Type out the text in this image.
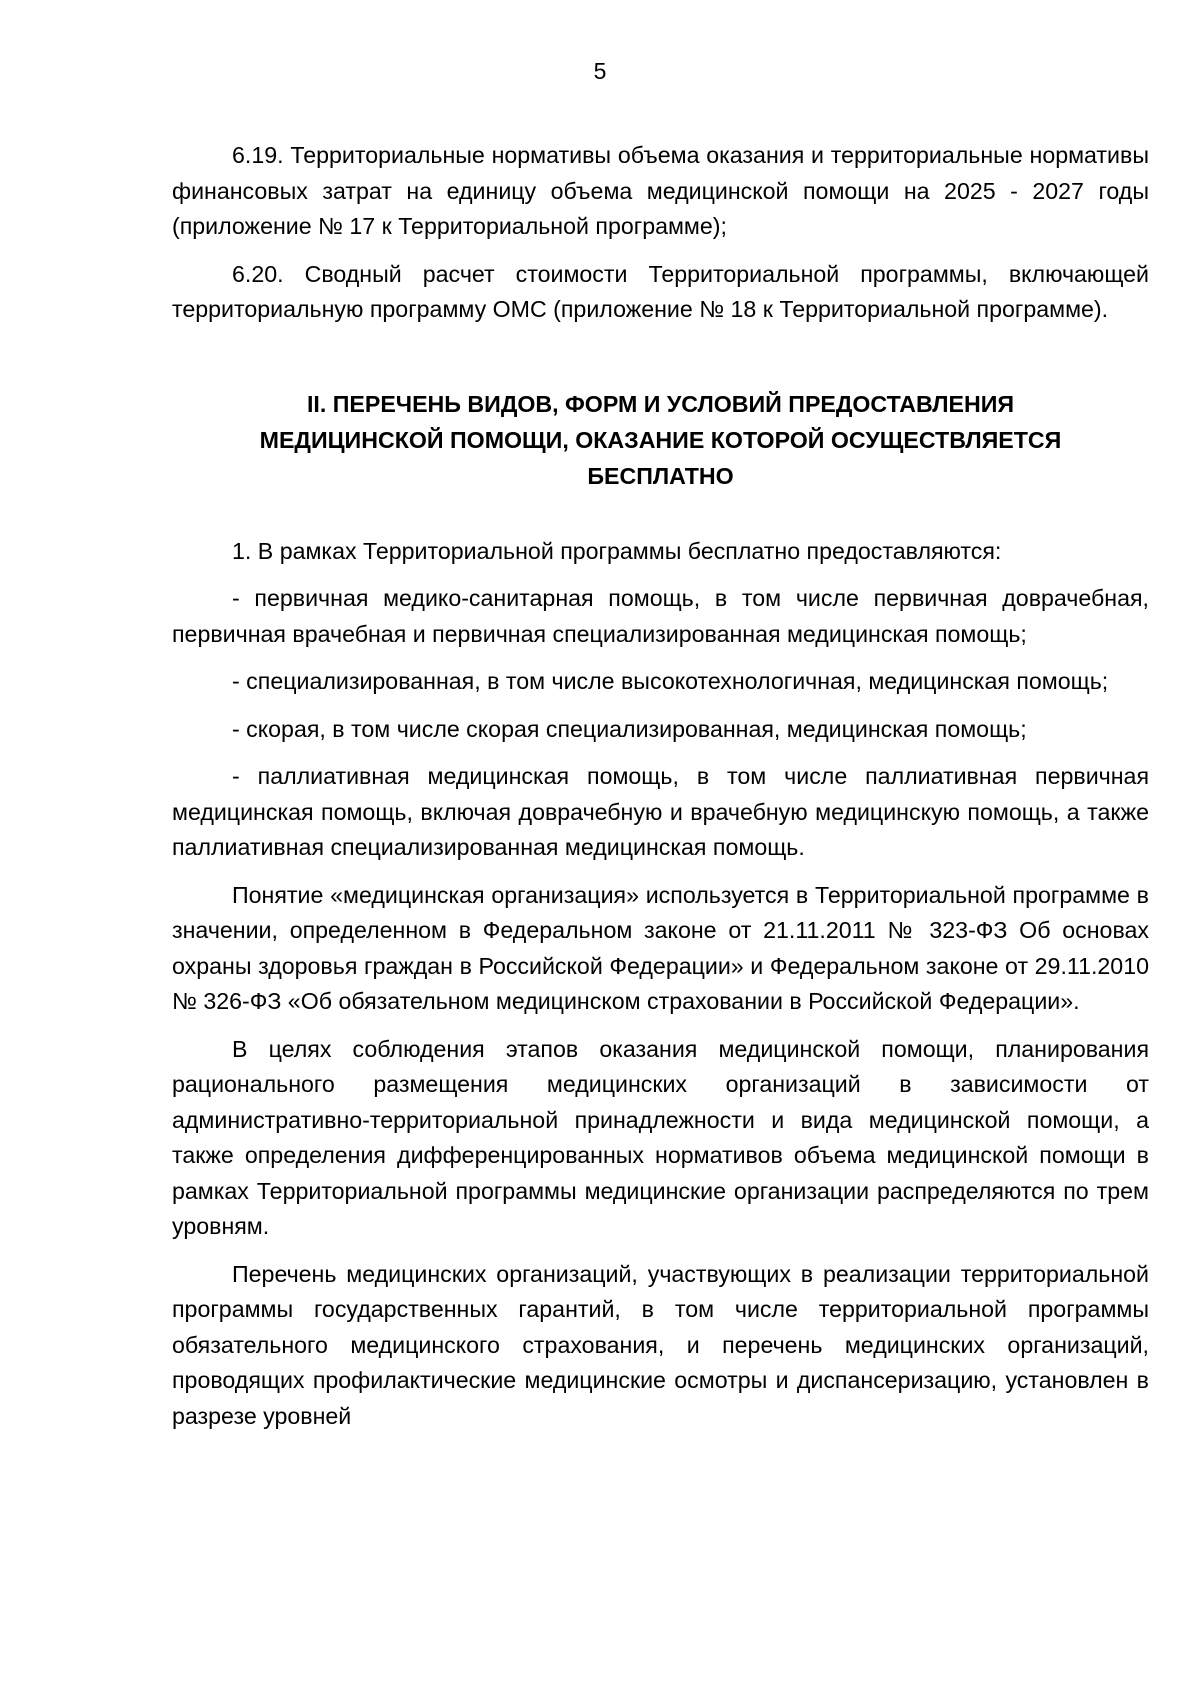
5

6.19. Территориальные нормативы объема оказания и территориальные нормативы финансовых затрат на единицу объема медицинской помощи на 2025 - 2027 годы (приложение № 17 к Территориальной программе);

6.20. Сводный расчет стоимости Территориальной программы, включающей территориальную программу ОМС (приложение № 18 к Территориальной программе).

II. ПЕРЕЧЕНЬ ВИДОВ, ФОРМ И УСЛОВИЙ ПРЕДОСТАВЛЕНИЯ
МЕДИЦИНСКОЙ ПОМОЩИ, ОКАЗАНИЕ КОТОРОЙ ОСУЩЕСТВЛЯЕТСЯ
БЕСПЛАТНО

1. В рамках Территориальной программы бесплатно предоставляются:

- первичная медико-санитарная помощь, в том числе первичная доврачебная, первичная врачебная и первичная специализированная медицинская помощь;

- специализированная, в том числе высокотехнологичная, медицинская помощь;

- скорая, в том числе скорая специализированная, медицинская помощь;

- паллиативная медицинская помощь, в том числе паллиативная первичная медицинская помощь, включая доврачебную и врачебную медицинскую помощь, а также паллиативная специализированная медицинская помощь.

Понятие «медицинская организация» используется в Территориальной программе в значении, определенном в Федеральном законе от 21.11.2011 № 323-ФЗ Об основах охраны здоровья граждан в Российской Федерации» и Федеральном законе от 29.11.2010 № 326-ФЗ «Об обязательном медицинском страховании в Российской Федерации».

В целях соблюдения этапов оказания медицинской помощи, планирования рационального размещения медицинских организаций в зависимости от административно-территориальной принадлежности и вида медицинской помощи, а также определения дифференцированных нормативов объема медицинской помощи в рамках Территориальной программы медицинские организации распределяются по трем уровням.

Перечень медицинских организаций, участвующих в реализации территориальной программы государственных гарантий, в том числе территориальной программы обязательного медицинского страхования, и перечень медицинских организаций, проводящих профилактические медицинские осмотры и диспансеризацию, установлен в разрезе уровней
